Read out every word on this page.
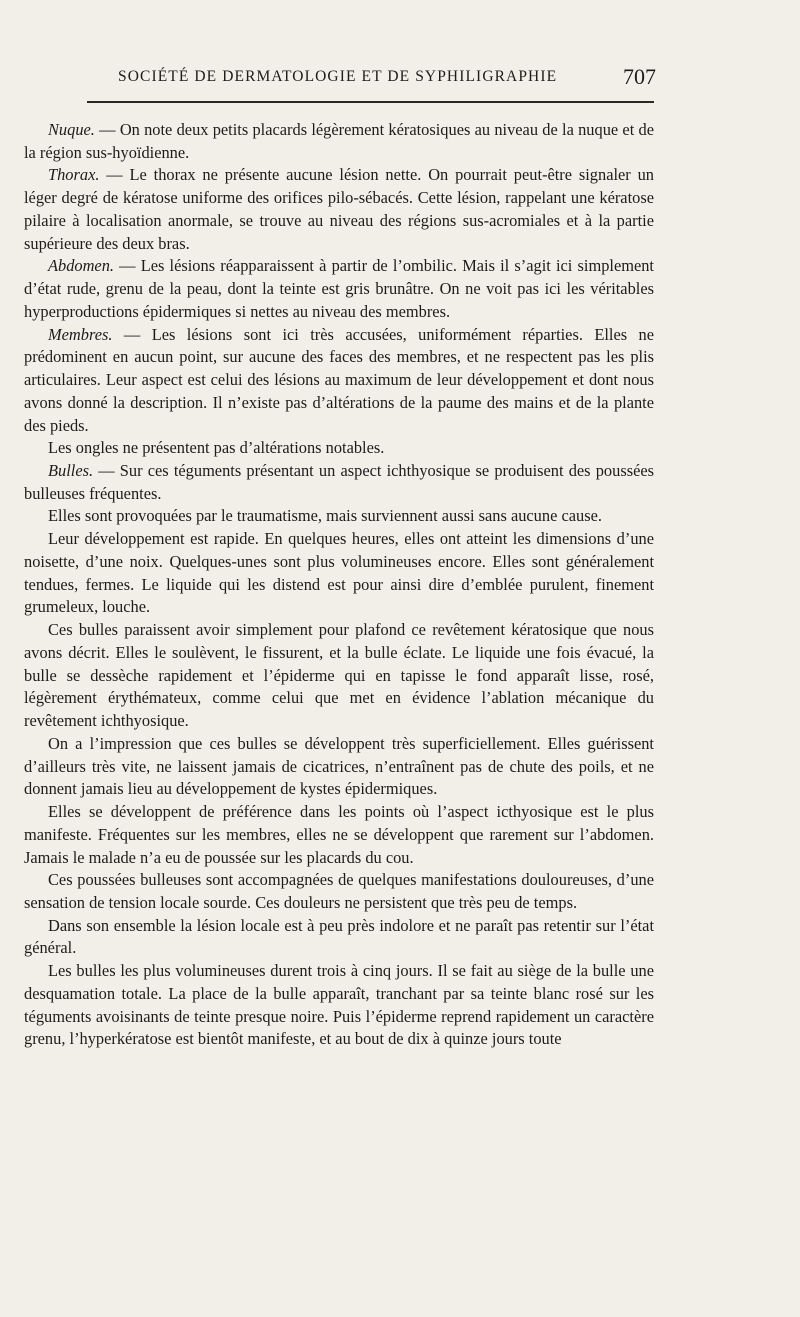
SOCIÉTÉ DE DERMATOLOGIE ET DE SYPHILIGRAPHIE	707

Nuque. — On note deux petits placards légèrement kératosiques au niveau de la nuque et de la région sus-hyoïdienne.

Thorax. — Le thorax ne présente aucune lésion nette. On pourrait peut-être signaler un léger degré de kératose uniforme des orifices pilo-sébacés. Cette lésion, rappelant une kératose pilaire à localisation anormale, se trouve au niveau des régions sus-acromiales et à la partie supérieure des deux bras.

Abdomen. — Les lésions réapparaissent à partir de l’ombilic. Mais il s’agit ici simplement d’état rude, grenu de la peau, dont la teinte est gris brunâtre. On ne voit pas ici les véritables hyperproductions épidermiques si nettes au niveau des membres.

Membres. — Les lésions sont ici très accusées, uniformément réparties. Elles ne prédominent en aucun point, sur aucune des faces des membres, et ne respectent pas les plis articulaires. Leur aspect est celui des lésions au maximum de leur développement et dont nous avons donné la description. Il n’existe pas d’altérations de la paume des mains et de la plante des pieds.

Les ongles ne présentent pas d’altérations notables.

Bulles. — Sur ces téguments présentant un aspect ichthyosique se produisent des poussées bulleuses fréquentes.

Elles sont provoquées par le traumatisme, mais surviennent aussi sans aucune cause.

Leur développement est rapide. En quelques heures, elles ont atteint les dimensions d’une noisette, d’une noix. Quelques-unes sont plus volumineuses encore. Elles sont généralement tendues, fermes. Le liquide qui les distend est pour ainsi dire d’emblée purulent, finement grumeleux, louche.

Ces bulles paraissent avoir simplement pour plafond ce revêtement kératosique que nous avons décrit. Elles le soulèvent, le fissurent, et la bulle éclate. Le liquide une fois évacué, la bulle se dessèche rapidement et l’épiderme qui en tapisse le fond apparaît lisse, rosé, légèrement érythémateux, comme celui que met en évidence l’ablation mécanique du revêtement ichthyosique.

On a l’impression que ces bulles se développent très superficiellement. Elles guérissent d’ailleurs très vite, ne laissent jamais de cicatrices, n’entraînent pas de chute des poils, et ne donnent jamais lieu au développement de kystes épidermiques.

Elles se développent de préférence dans les points où l’aspect icthyosique est le plus manifeste. Fréquentes sur les membres, elles ne se développent que rarement sur l’abdomen. Jamais le malade n’a eu de poussée sur les placards du cou.

Ces poussées bulleuses sont accompagnées de quelques manifestations douloureuses, d’une sensation de tension locale sourde. Ces douleurs ne persistent que très peu de temps.

Dans son ensemble la lésion locale est à peu près indolore et ne paraît pas retentir sur l’état général.

Les bulles les plus volumineuses durent trois à cinq jours. Il se fait au siège de la bulle une desquamation totale. La place de la bulle apparaît, tranchant par sa teinte blanc rosé sur les téguments avoisinants de teinte presque noire. Puis l’épiderme reprend rapidement un caractère grenu, l’hyperkératose est bientôt manifeste, et au bout de dix à quinze jours toute
